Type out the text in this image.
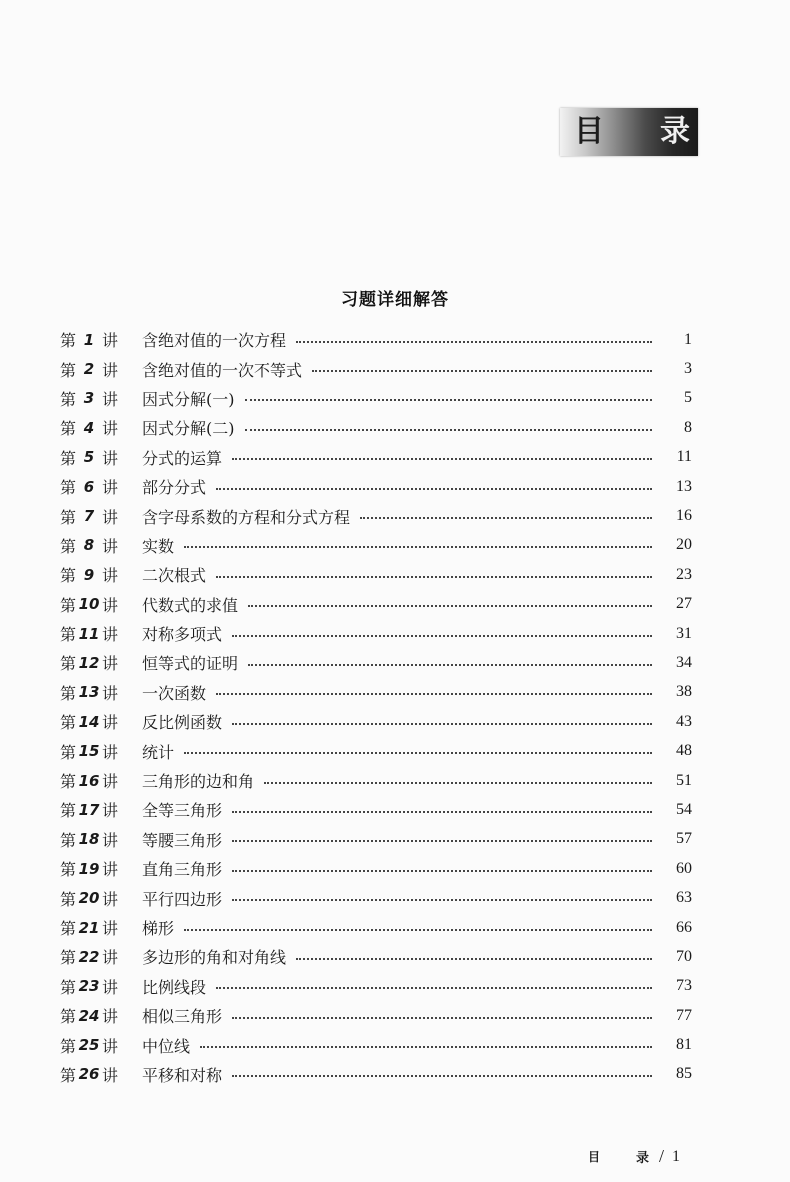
目 录
习题详细解答
第 1 讲 含绝对值的一次方程	1
第 2 讲 含绝对值的一次不等式	3
第 3 讲 因式分解(一)	5
第 4 讲 因式分解(二)	8
第 5 讲 分式的运算	11
第 6 讲 部分分式	13
第 7 讲 含字母系数的方程和分式方程	16
第 8 讲 实数	20
第 9 讲 二次根式	23
第 10 讲 代数式的求值	27
第 11 讲 对称多项式	31
第 12 讲 恒等式的证明	34
第 13 讲 一次函数	38
第 14 讲 反比例函数	43
第 15 讲 统计	48
第 16 讲 三角形的边和角	51
第 17 讲 全等三角形	54
第 18 讲 等腰三角形	57
第 19 讲 直角三角形	60
第 20 讲 平行四边形	63
第 21 讲 梯形	66
第 22 讲 多边形的角和对角线	70
第 23 讲 比例线段	73
第 24 讲 相似三角形	77
第 25 讲 中位线	81
第 26 讲 平移和对称	85
目	录 / 1
